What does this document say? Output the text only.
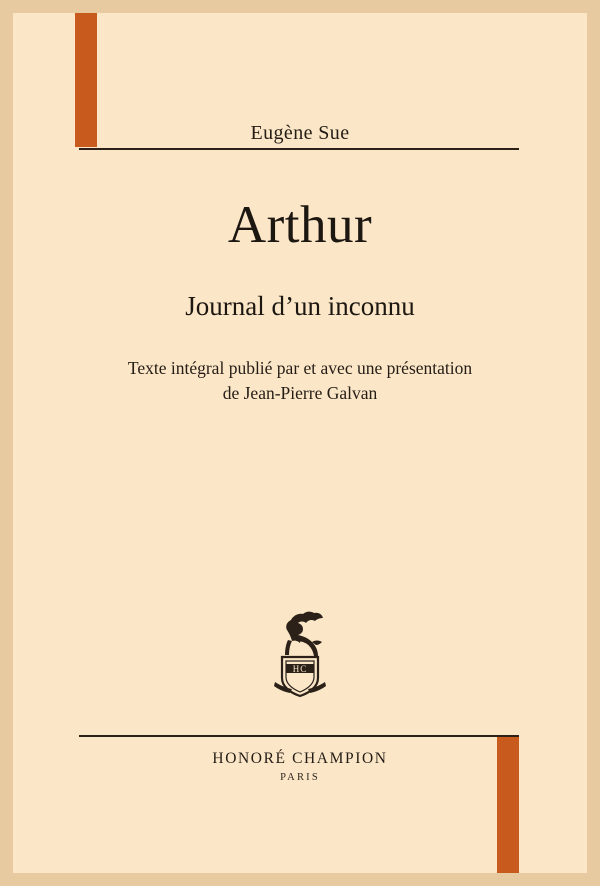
Eugène Sue
Arthur
Journal d’un inconnu
Texte intégral publié par et avec une présentation
de Jean-Pierre Galvan
HC
HONORÉ CHAMPION
PARIS
